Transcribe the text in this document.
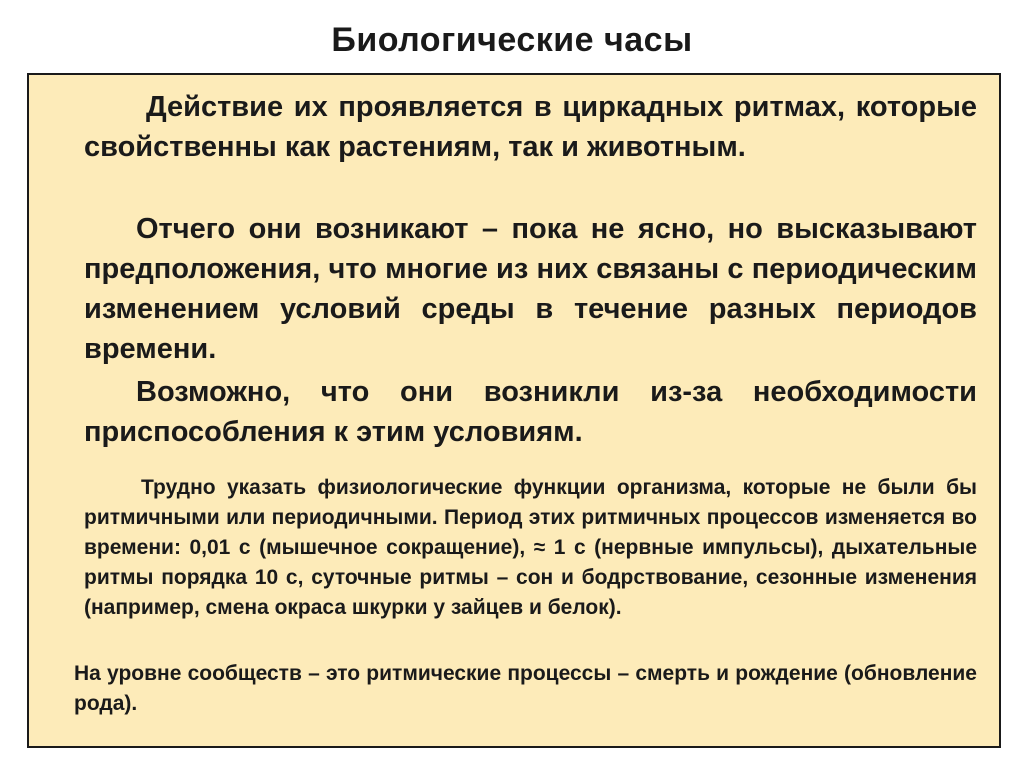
Биологические часы

Действие их проявляется в циркадных ритмах, которые свойственны как растениям, так и животным.

Отчего они возникают – пока не ясно, но высказывают предположения, что многие из них связаны с периодическим изменением условий среды в течение разных периодов времени.

Возможно, что они возникли из-за необходимости приспособления к этим условиям.

Трудно указать физиологические функции организма, которые не были бы ритмичными или периодичными. Период этих ритмичных процессов изменяется во времени: 0,01 с (мышечное сокращение), ≈ 1 с (нервные импульсы), дыхательные ритмы порядка 10 с, суточные ритмы – сон и бодрствование, сезонные изменения (например, смена окраса шкурки у зайцев и белок).

На уровне сообществ – это ритмические процессы – смерть и рождение (обновление рода).
